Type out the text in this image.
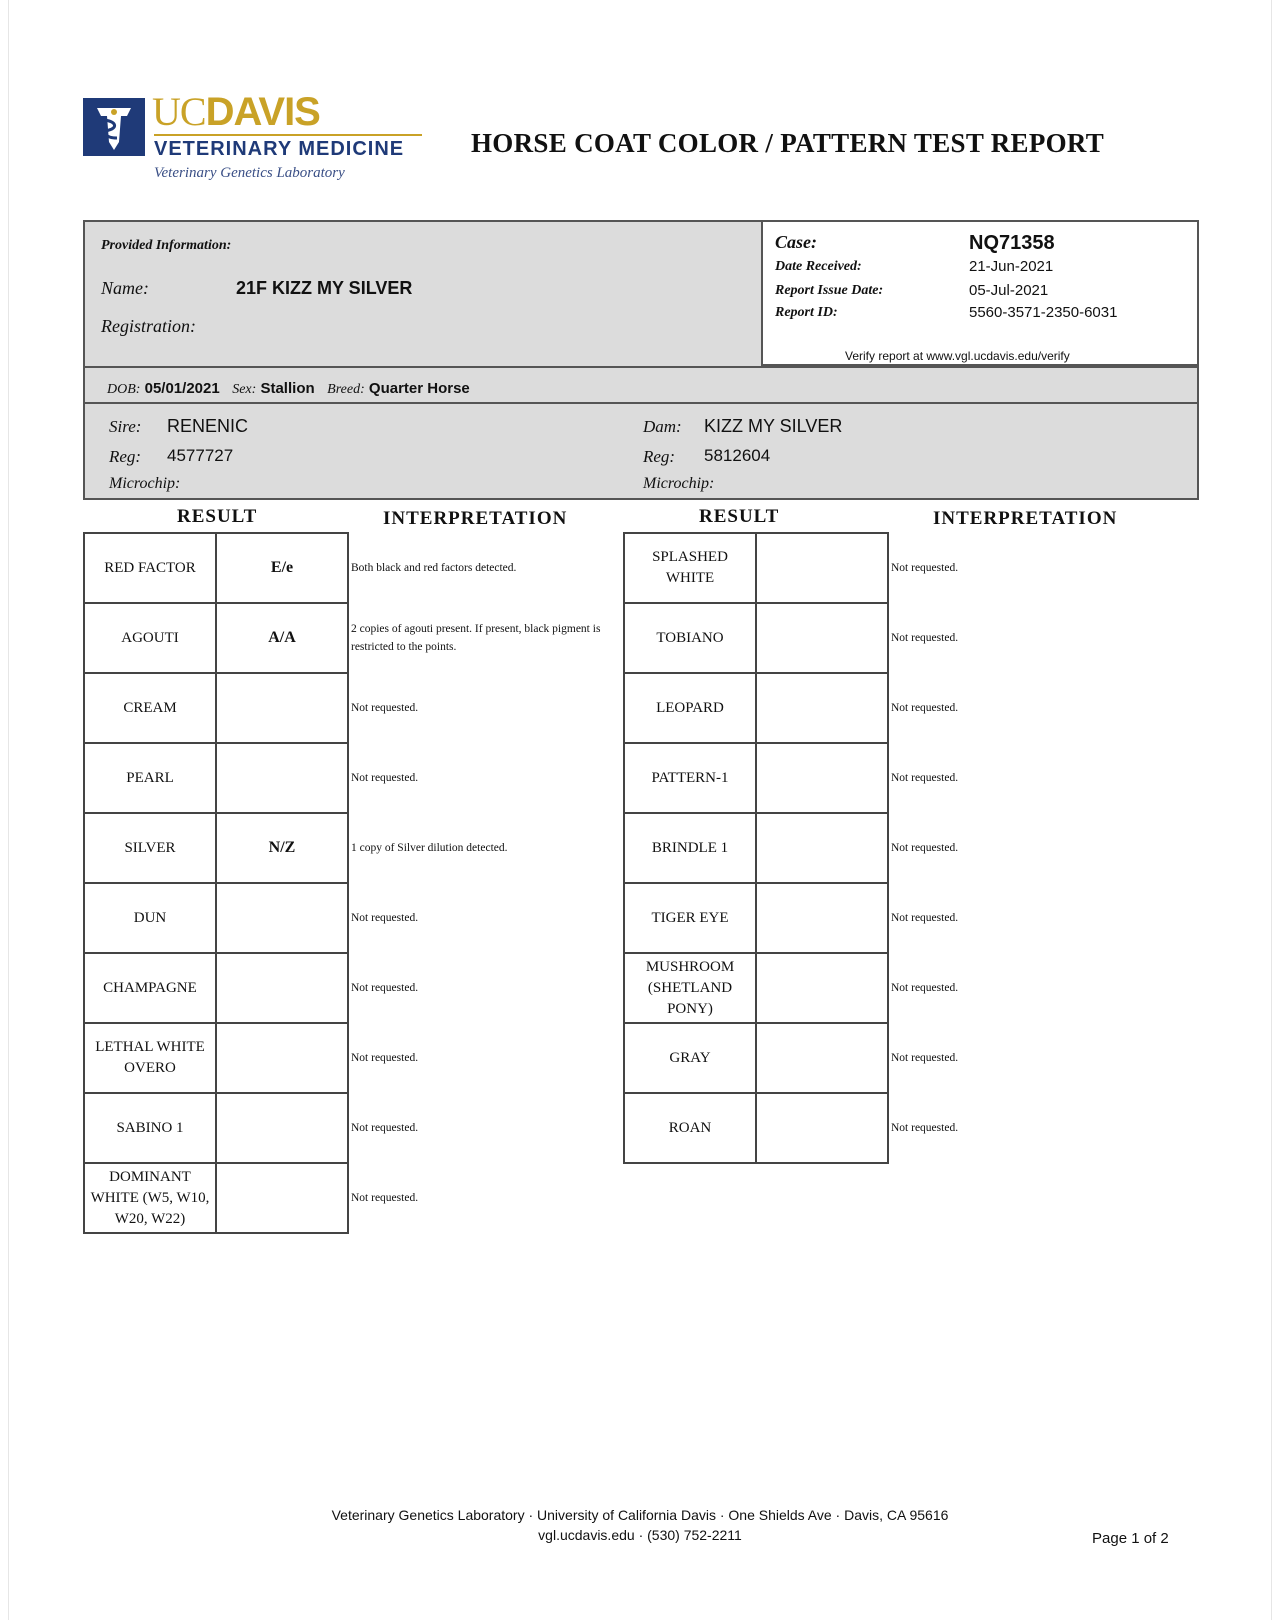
UCDAVIS
VETERINARY MEDICINE
Veterinary Genetics Laboratory
HORSE COAT COLOR / PATTERN TEST REPORT
Provided Information:
Name:	21F KIZZ MY SILVER
Registration:
Case:	NQ71358
Date Received:	21-Jun-2021
Report Issue Date:	05-Jul-2021
Report ID:	5560-3571-2350-6031
Verify report at www.vgl.ucdavis.edu/verify
DOB: 05/01/2021 Sex: Stallion Breed: Quarter Horse
Sire: RENENIC
Reg: 4577727
Microchip:
Dam: KIZZ MY SILVER
Reg: 5812604
Microchip:
RESULT	INTERPRETATION	RESULT	INTERPRETATION
RED FACTOR	E/e	Both black and red factors detected.
AGOUTI	A/A	2 copies of agouti present. If present, black pigment is restricted to the points.
CREAM		Not requested.
PEARL		Not requested.
SILVER	N/Z	1 copy of Silver dilution detected.
DUN		Not requested.
CHAMPAGNE		Not requested.
LETHAL WHITE OVERO		Not requested.
SABINO 1		Not requested.
DOMINANT WHITE (W5, W10, W20, W22)		Not requested.
SPLASHED WHITE		Not requested.
TOBIANO		Not requested.
LEOPARD		Not requested.
PATTERN-1		Not requested.
BRINDLE 1		Not requested.
TIGER EYE		Not requested.
MUSHROOM (SHETLAND PONY)		Not requested.
GRAY		Not requested.
ROAN		Not requested.
Veterinary Genetics Laboratory · University of California Davis · One Shields Ave · Davis, CA 95616
vgl.ucdavis.edu · (530) 752-2211	Page 1 of 2
